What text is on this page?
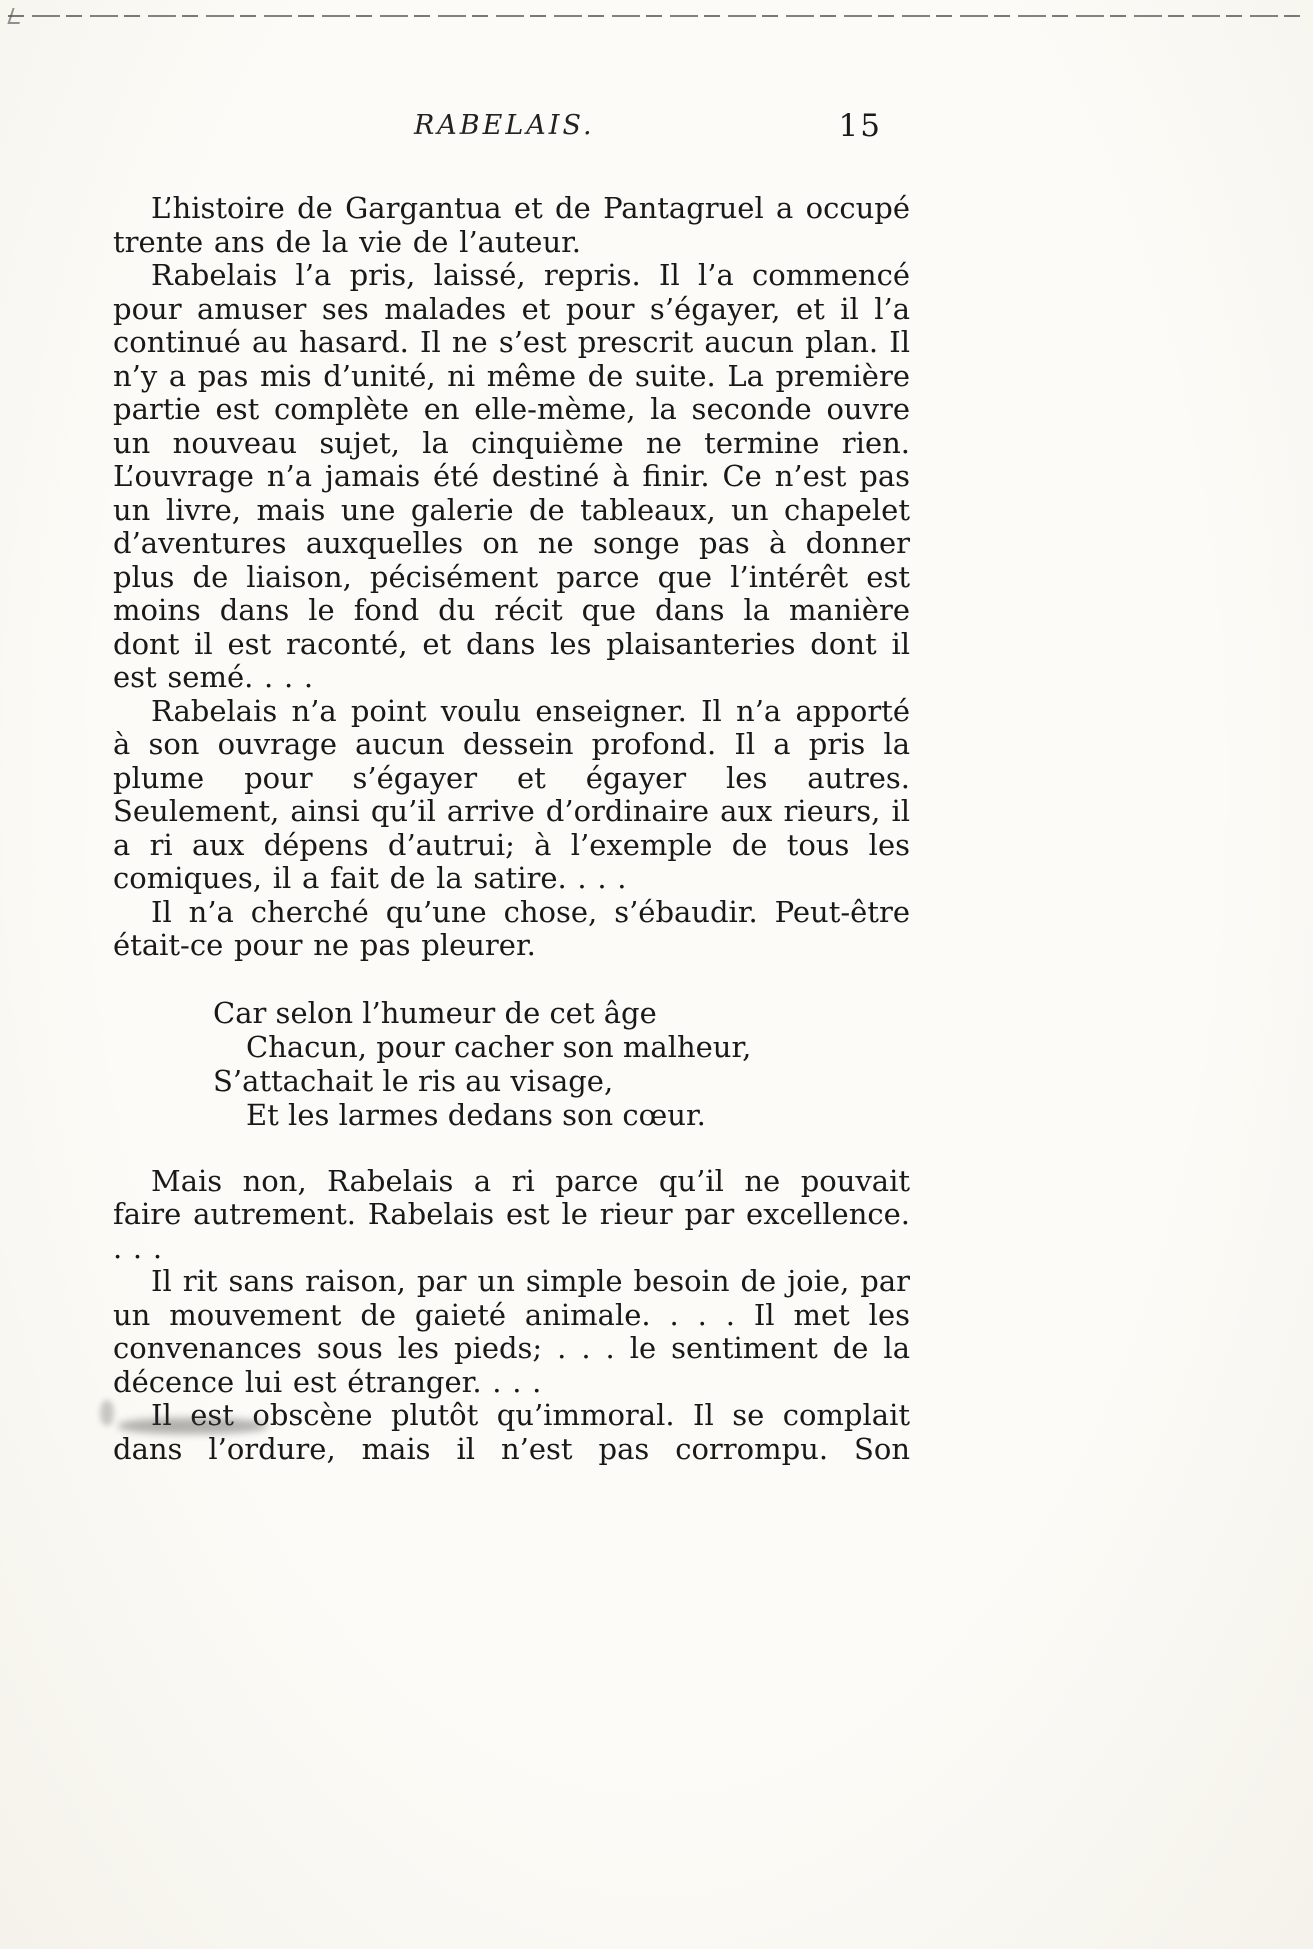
RABELAIS.	15

L’histoire de Gargantua et de Pantagruel a occupé trente ans de la vie de l’auteur.

Rabelais l’a pris, laissé, repris. Il l’a commencé pour amuser ses malades et pour s’égayer, et il l’a continué au hasard. Il ne s’est prescrit aucun plan. Il n’y a pas mis d’unité, ni même de suite. La première partie est complète en elle-mème, la seconde ouvre un nouveau sujet, la cinquième ne termine rien. L’ouvrage n’a jamais été destiné à finir. Ce n’est pas un livre, mais une galerie de tableaux, un chapelet d’aventures auxquelles on ne songe pas à donner plus de liaison, pécisément parce que l’intérêt est moins dans le fond du récit que dans la manière dont il est raconté, et dans les plaisanteries dont il est semé. . . .

Rabelais n’a point voulu enseigner. Il n’a apporté à son ouvrage aucun dessein profond. Il a pris la plume pour s’égayer et égayer les autres. Seulement, ainsi qu’il arrive d’ordinaire aux rieurs, il a ri aux dépens d’autrui; à l’exemple de tous les comiques, il a fait de la satire. . . .

Il n’a cherché qu’une chose, s’ébaudir. Peut-être était-ce pour ne pas pleurer.

Car selon l’humeur de cet âge
Chacun, pour cacher son malheur,
S’attachait le ris au visage,
Et les larmes dedans son cœur.

Mais non, Rabelais a ri parce qu’il ne pouvait faire autrement. Rabelais est le rieur par excellence. . . .

Il rit sans raison, par un simple besoin de joie, par un mouvement de gaieté animale. . . . Il met les convenances sous les pieds; . . . le sentiment de la décence lui est étranger. . . .

Il est obscène plutôt qu’immoral. Il se complait dans l’ordure, mais il n’est pas corrompu. Son
